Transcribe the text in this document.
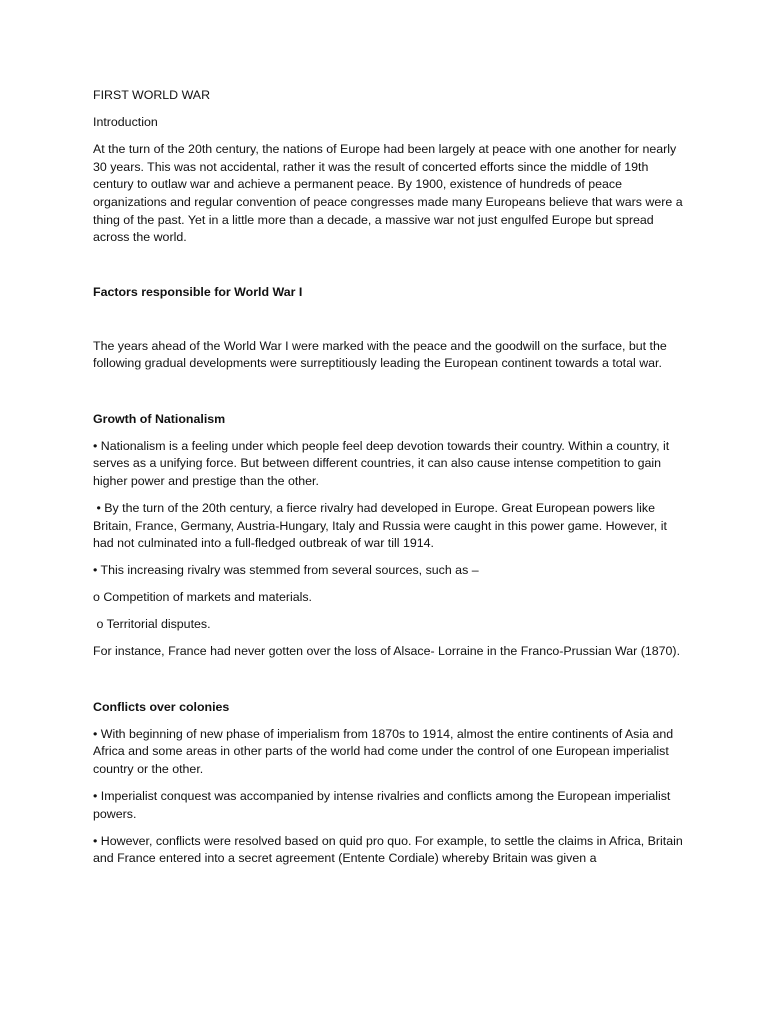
FIRST WORLD WAR

Introduction

At the turn of the 20th century, the nations of Europe had been largely at peace with one another for nearly 30 years. This was not accidental, rather it was the result of concerted efforts since the middle of 19th century to outlaw war and achieve a permanent peace. By 1900, existence of hundreds of peace organizations and regular convention of peace congresses made many Europeans believe that wars were a thing of the past. Yet in a little more than a decade, a massive war not just engulfed Europe but spread across the world.

Factors responsible for World War I

The years ahead of the World War I were marked with the peace and the goodwill on the surface, but the following gradual developments were surreptitiously leading the European continent towards a total war.

Growth of Nationalism

• Nationalism is a feeling under which people feel deep devotion towards their country. Within a country, it serves as a unifying force. But between different countries, it can also cause intense competition to gain higher power and prestige than the other.

• By the turn of the 20th century, a fierce rivalry had developed in Europe. Great European powers like Britain, France, Germany, Austria-Hungary, Italy and Russia were caught in this power game. However, it had not culminated into a full-fledged outbreak of war till 1914.

• This increasing rivalry was stemmed from several sources, such as –

o Competition of markets and materials.

o Territorial disputes.

For instance, France had never gotten over the loss of Alsace- Lorraine in the Franco-Prussian War (1870).

Conflicts over colonies

• With beginning of new phase of imperialism from 1870s to 1914, almost the entire continents of Asia and Africa and some areas in other parts of the world had come under the control of one European imperialist country or the other.

• Imperialist conquest was accompanied by intense rivalries and conflicts among the European imperialist powers.

• However, conflicts were resolved based on quid pro quo. For example, to settle the claims in Africa, Britain and France entered into a secret agreement (Entente Cordiale) whereby Britain was given a
